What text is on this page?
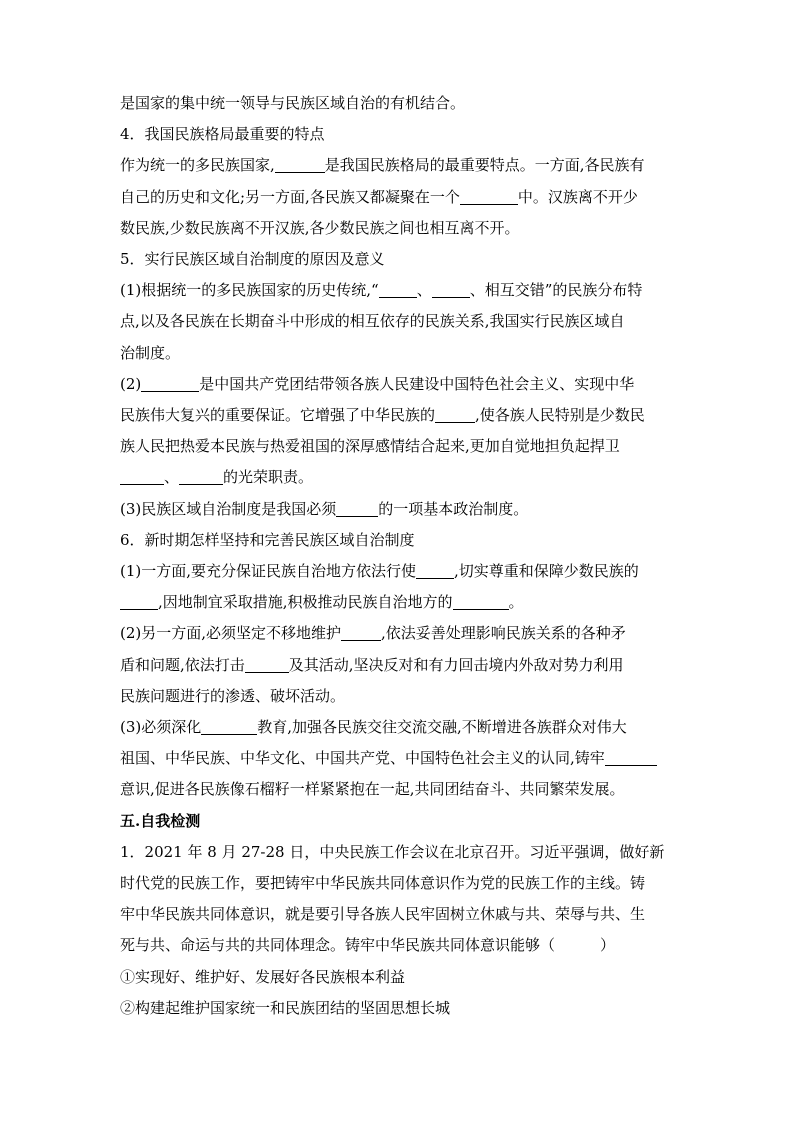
是国家的集中统一领导与民族区域自治的有机结合。

4．我国民族格局最重要的特点

作为统一的多民族国家,	是我国民族格局的最重要特点。一方面,各民族有

自己的历史和文化;另一方面,各民族又都凝聚在一个	中。汉族离不开少

数民族,少数民族离不开汉族,各少数民族之间也相互离不开。

5．实行民族区域自治制度的原因及意义

(1)根据统一的多民族国家的历史传统,“	、	、相互交错”的民族分布特

点,以及各民族在长期奋斗中形成的相互依存的民族关系,我国实行民族区域自

治制度。

(2)	是中国共产党团结带领各族人民建设中国特色社会主义、实现中华

民族伟大复兴的重要保证。它增强了中华民族的	,使各族人民特别是少数民

族人民把热爱本民族与热爱祖国的深厚感情结合起来,更加自觉地担负起捍卫

、	的光荣职责。

(3)民族区域自治制度是我国必须	的一项基本政治制度。

6．新时期怎样坚持和完善民族区域自治制度

(1)一方面,要充分保证民族自治地方依法行使	,切实尊重和保障少数民族的

,因地制宜采取措施,积极推动民族自治地方的	。

(2)另一方面,必须坚定不移地维护	,依法妥善处理影响民族关系的各种矛

盾和问题,依法打击	及其活动,坚决反对和有力回击境内外敌对势力利用

民族问题进行的渗透、破坏活动。

(3)必须深化	教育,加强各民族交往交流交融,不断增进各族群众对伟大

祖国、中华民族、中华文化、中国共产党、中国特色社会主义的认同,铸牢

意识,促进各民族像石榴籽一样紧紧抱在一起,共同团结奋斗、共同繁荣发展。

五.自我检测

1．2021 年 8 月 27-28 日，中央民族工作会议在北京召开。习近平强调，做好新

时代党的民族工作，要把铸牢中华民族共同体意识作为党的民族工作的主线。铸

牢中华民族共同体意识，就是要引导各族人民牢固树立休戚与共、荣辱与共、生

死与共、命运与共的共同体理念。铸牢中华民族共同体意识能够（　　　）

①实现好、维护好、发展好各民族根本利益

②构建起维护国家统一和民族团结的坚固思想长城
